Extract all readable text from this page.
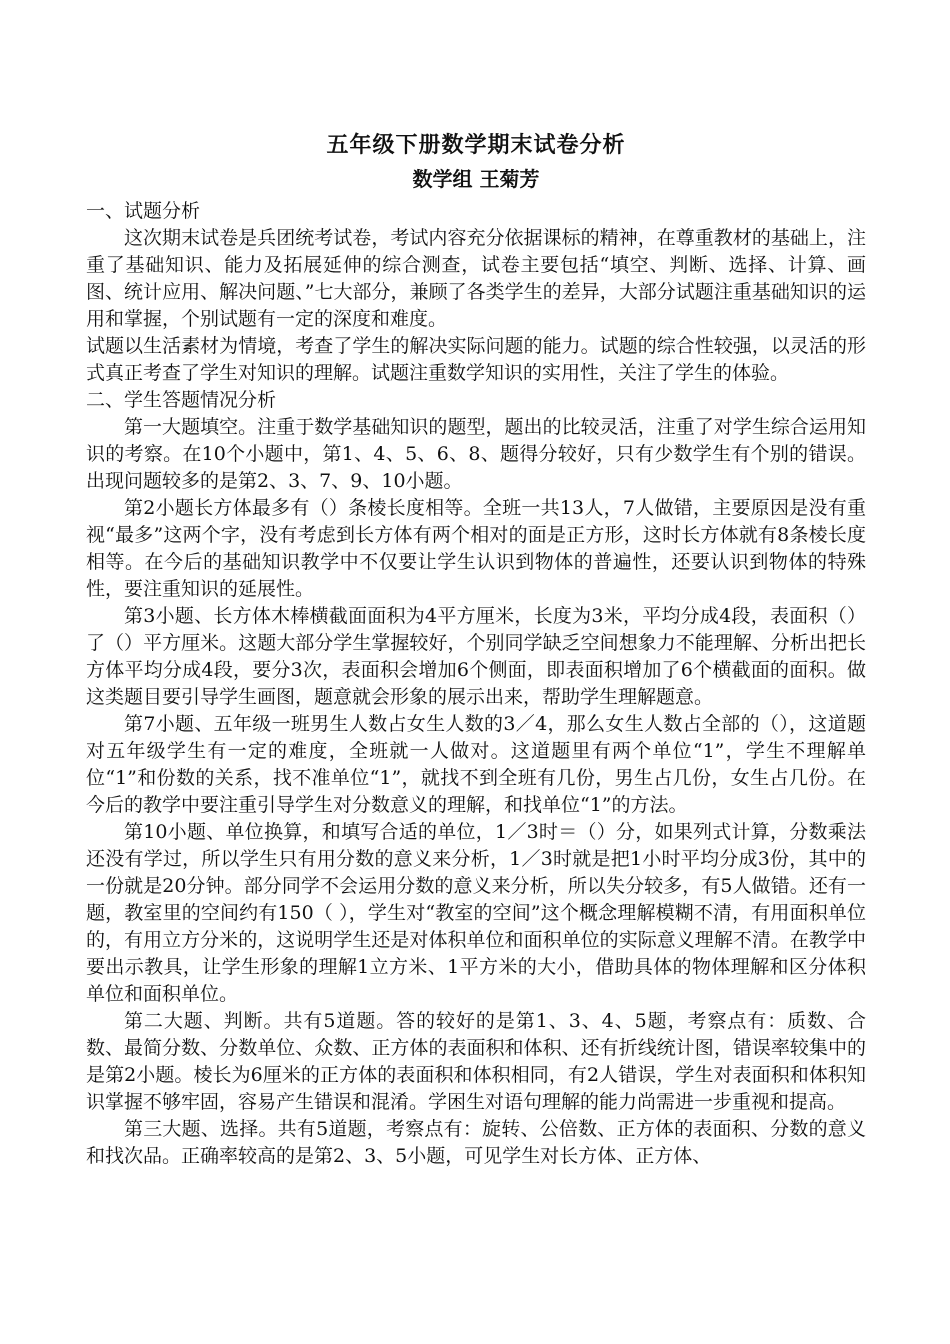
五年级下册数学期末试卷分析

数学组 王菊芳

一、试题分析

这次期末试卷是兵团统考试卷，考试内容充分依据课标的精神，在尊重教材的基础上，注重了基础知识、能力及拓展延伸的综合测查，试卷主要包括“填空、判断、选择、计算、画图、统计应用、解决问题、”七大部分，兼顾了各类学生的差异，大部分试题注重基础知识的运用和掌握，个别试题有一定的深度和难度。

试题以生活素材为情境，考查了学生的解决实际问题的能力。试题的综合性较强，以灵活的形式真正考查了学生对知识的理解。试题注重数学知识的实用性，关注了学生的体验。

二、学生答题情况分析

第一大题填空。注重于数学基础知识的题型，题出的比较灵活，注重了对学生综合运用知识的考察。在10个小题中，第1、4、5、6、8、题得分较好，只有少数学生有个别的错误。出现问题较多的是第2、3、7、9、10小题。

第2小题长方体最多有（）条棱长度相等。全班一共13人，7人做错，主要原因是没有重视“最多”这两个字，没有考虑到长方体有两个相对的面是正方形，这时长方体就有8条棱长度相等。在今后的基础知识教学中不仅要让学生认识到物体的普遍性，还要认识到物体的特殊性，要注重知识的延展性。

第3小题、长方体木棒横截面面积为4平方厘米，长度为3米，平均分成4段，表面积（）了（）平方厘米。这题大部分学生掌握较好，个别同学缺乏空间想象力不能理解、分析出把长方体平均分成4段，要分3次，表面积会增加6个侧面，即表面积增加了6个横截面的面积。做这类题目要引导学生画图，题意就会形象的展示出来，帮助学生理解题意。

第7小题、五年级一班男生人数占女生人数的3／4，那么女生人数占全部的（），这道题对五年级学生有一定的难度，全班就一人做对。这道题里有两个单位“1”，学生不理解单位“1”和份数的关系，找不准单位“1”，就找不到全班有几份，男生占几份，女生占几份。在今后的教学中要注重引导学生对分数意义的理解，和找单位“1”的方法。

第10小题、单位换算，和填写合适的单位，1／3时＝（）分，如果列式计算，分数乘法还没有学过，所以学生只有用分数的意义来分析，1／3时就是把1小时平均分成3份，其中的一份就是20分钟。部分同学不会运用分数的意义来分析，所以失分较多，有5人做错。还有一题，教室里的空间约有150（ ），学生对“教室的空间”这个概念理解模糊不清，有用面积单位的，有用立方分米的，这说明学生还是对体积单位和面积单位的实际意义理解不清。在教学中要出示教具，让学生形象的理解1立方米、1平方米的大小，借助具体的物体理解和区分体积 单位和面积单位。

第二大题、判断。共有5道题。答的较好的是第1、3、4、5题，考察点有：质数、合数、最简分数、分数单位、众数、正方体的表面积和体积、还有折线统计图，错误率较集中的是第2小题。棱长为6厘米的正方体的表面积和体积相同，有2人错误，学生对表面积和体积知识掌握不够牢固，容易产生错误和混淆。学困生对语句理解的能力尚需进一步重视和提高。

第三大题、选择。共有5道题，考察点有：旋转、公倍数、正方体的表面积、分数的意义和找次品。正确率较高的是第2、3、5小题，可见学生对长方体、正方体、
